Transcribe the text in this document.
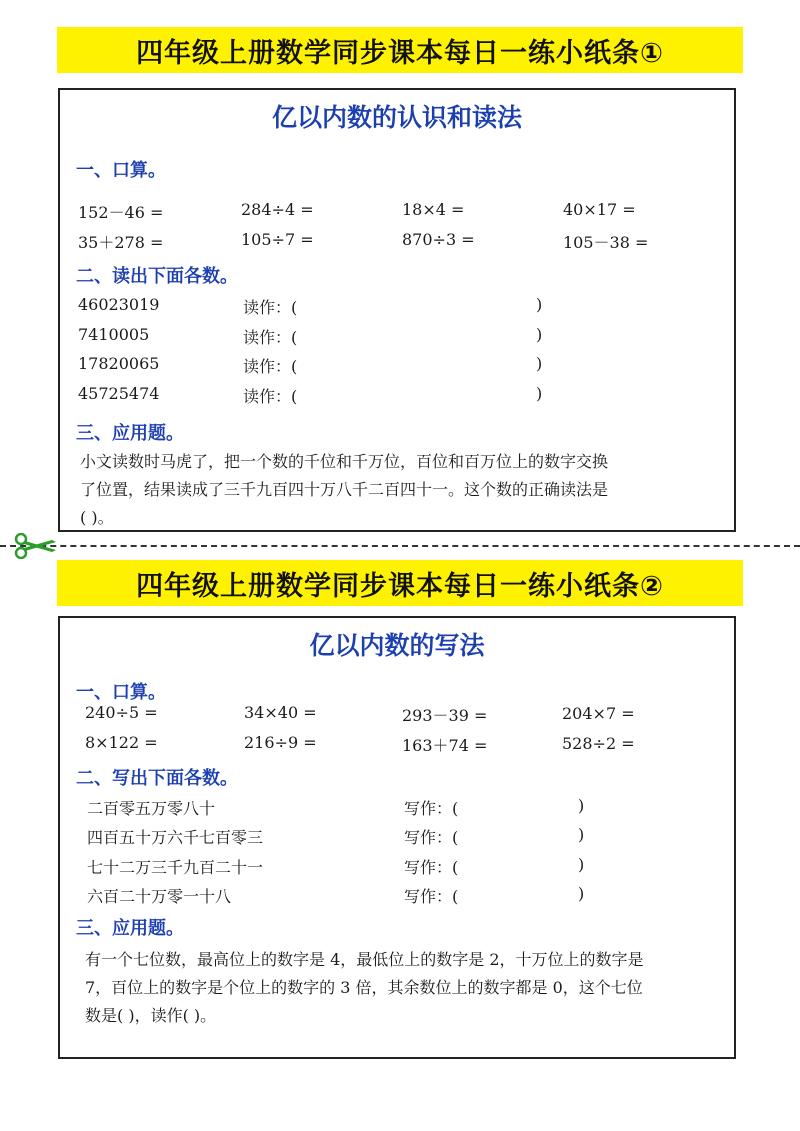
四年级上册数学同步课本每日一练小纸条①
亿以内数的认识和读法
一、口算。
152－46 =	284÷4 =	18×4 =	40×17 =
35＋278 =	105÷7 =	870÷3 =	105－38 =
二、读出下面各数。
46023019	读作：(	)
7410005	读作：(	)
17820065	读作：(	)
45725474	读作：(	)
三、应用题。
小文读数时马虎了，把一个数的千位和千万位，百位和百万位上的数字交换
了位置，结果读成了三千九百四十万八千二百四十一。这个数的正确读法是
( )。
四年级上册数学同步课本每日一练小纸条②
亿以内数的写法
一、口算。
240÷5 =	34×40 =	293－39 =	204×7 =
8×122 =	216÷9 =	163＋74 =	528÷2 =
二、写出下面各数。
二百零五万零八十	写作：(	)
四百五十万六千七百零三	写作：(	)
七十二万三千九百二十一	写作：(	)
六百二十万零一十八	写作：(	)
三、应用题。
有一个七位数，最高位上的数字是 4，最低位上的数字是 2，十万位上的数字是
7，百位上的数字是个位上的数字的 3 倍，其余数位上的数字都是 0，这个七位
数是( )，读作( )。
